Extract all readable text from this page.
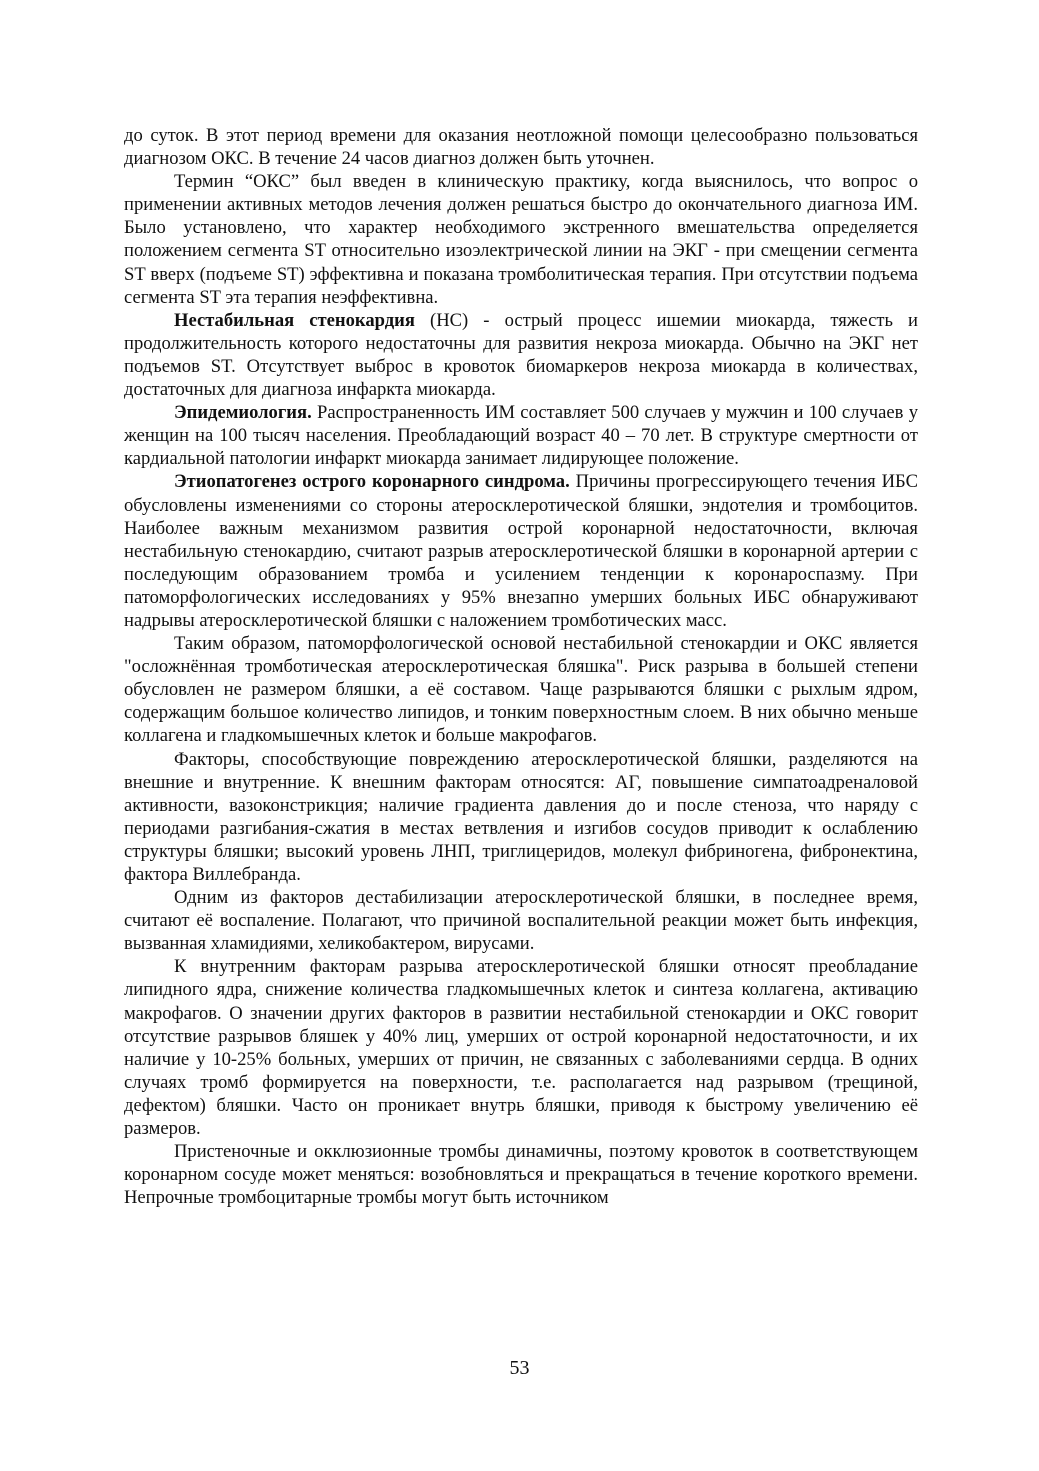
до суток. В этот период времени для оказания неотложной помощи целесообразно пользоваться диагнозом ОКС. В течение 24 часов диагноз должен быть уточнен.

Термин “ОКС” был введен в клиническую практику, когда выяснилось, что вопрос о применении активных методов лечения должен решаться быстро до окончательного диагноза ИМ. Было установлено, что характер необходимого экстренного вмешательства определяется положением сегмента ST относительно изоэлектрической линии на ЭКГ - при смещении сегмента ST вверх (подъеме ST) эффективна и показана тромболитическая терапия. При отсутствии подъема сегмента ST эта терапия неэффективна.

Нестабильная стенокардия (НС) - острый процесс ишемии миокарда, тяжесть и продолжительность которого недостаточны для развития некроза миокарда. Обычно на ЭКГ нет подъемов ST. Отсутствует выброс в кровоток биомаркеров некроза миокарда в количествах, достаточных для диагноза инфаркта миокарда.

Эпидемиология. Распространенность ИМ составляет 500 случаев у мужчин и 100 случаев у женщин на 100 тысяч населения. Преобладающий возраст 40 – 70 лет. В структуре смертности от кардиальной патологии инфаркт миокарда занимает лидирующее положение.

Этиопатогенез острого коронарного синдрома. Причины прогрессирующего течения ИБС обусловлены изменениями со стороны атеросклеротической бляшки, эндотелия и тромбоцитов. Наиболее важным механизмом развития острой коронарной недостаточности, включая нестабильную стенокардию, считают разрыв атеросклеротической бляшки в коронарной артерии с последующим образованием тромба и усилением тенденции к коронароспазму. При патоморфологических исследованиях у 95% внезапно умерших больных ИБС обнаруживают надрывы атеросклеротической бляшки с наложением тромботических масс.

Таким образом, патоморфологической основой нестабильной стенокардии и ОКС является "осложнённая тромботическая атеросклеротическая бляшка". Риск разрыва в большей степени обусловлен не размером бляшки, а её составом. Чаще разрываются бляшки с рыхлым ядром, содержащим большое количество липидов, и тонким поверхностным слоем. В них обычно меньше коллагена и гладкомышечных клеток и больше макрофагов.

Факторы, способствующие повреждению атеросклеротической бляшки, разделяются на внешние и внутренние. К внешним факторам относятся: АГ, повышение симпатоадреналовой активности, вазоконстрикция; наличие градиента давления до и после стеноза, что наряду с периодами разгибания-сжатия в местах ветвления и изгибов сосудов приводит к ослаблению структуры бляшки; высокий уровень ЛНП, триглицеридов, молекул фибриногена, фибронектина, фактора Виллебранда.

Одним из факторов дестабилизации атеросклеротической бляшки, в последнее время, считают её воспаление. Полагают, что причиной воспалительной реакции может быть инфекция, вызванная хламидиями, хеликобактером, вирусами.

К внутренним факторам разрыва атеросклеротической бляшки относят преобладание липидного ядра, снижение количества гладкомышечных клеток и синтеза коллагена, активацию макрофагов. О значении других факторов в развитии нестабильной стенокардии и ОКС говорит отсутствие разрывов бляшек у 40% лиц, умерших от острой коронарной недостаточности, и их наличие у 10-25% больных, умерших от причин, не связанных с заболеваниями сердца. В одних случаях тромб формируется на поверхности, т.е. располагается над разрывом (трещиной, дефектом) бляшки. Часто он проникает внутрь бляшки, приводя к быстрому увеличению её размеров.

Пристеночные и окклюзионные тромбы динамичны, поэтому кровоток в соответствующем коронарном сосуде может меняться: возобновляться и прекращаться в течение короткого времени. Непрочные тромбоцитарные тромбы могут быть источником

53
